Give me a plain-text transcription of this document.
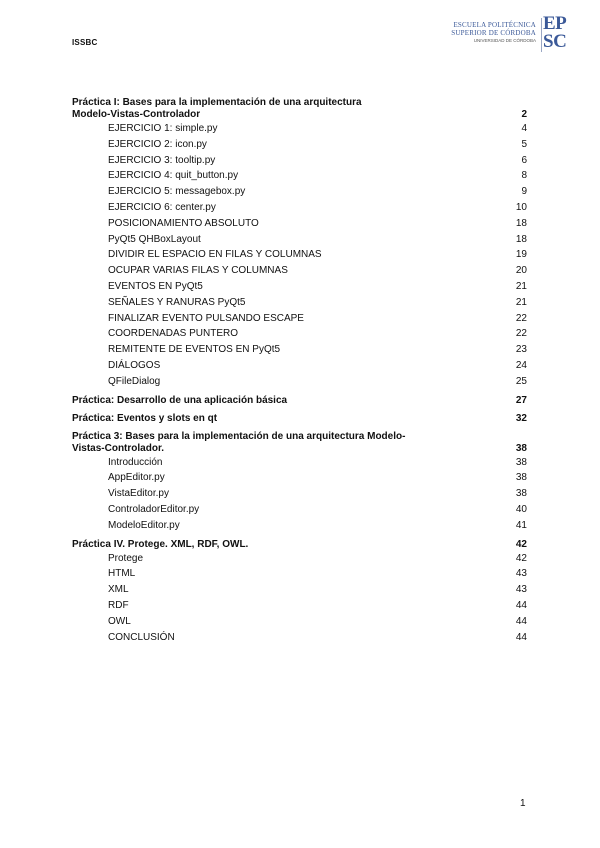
ISSBC
ESCUELA POLITÉCNICA
SUPERIOR DE CÓRDOBA
UNIVERSIDAD DE CÓRDOBA
EP
SC
Práctica I: Bases para la implementación de una arquitectura Modelo-Vistas-Controlador	2
EJERCICIO 1: simple.py	4
EJERCICIO 2: icon.py	5
EJERCICIO 3: tooltip.py	6
EJERCICIO 4: quit_button.py	8
EJERCICIO 5: messagebox.py	9
EJERCICIO 6: center.py	10
POSICIONAMIENTO ABSOLUTO	18
PyQt5 QHBoxLayout	18
DIVIDIR EL ESPACIO EN FILAS Y COLUMNAS	19
OCUPAR VARIAS FILAS Y COLUMNAS	20
EVENTOS EN PyQt5	21
SEÑALES Y RANURAS PyQt5	21
FINALIZAR EVENTO PULSANDO ESCAPE	22
COORDENADAS PUNTERO	22
REMITENTE DE EVENTOS EN PyQt5	23
DIÁLOGOS	24
QFileDialog	25
Práctica: Desarrollo de una aplicación básica	27
Práctica: Eventos y slots en qt	32
Práctica 3: Bases para la implementación de una arquitectura Modelo-Vistas-Controlador.	38
Introducción	38
AppEditor.py	38
VistaEditor.py	38
ControladorEditor.py	40
ModeloEditor.py	41
Práctica IV. Protege. XML, RDF, OWL.	42
Protege	42
HTML	43
XML	43
RDF	44
OWL	44
CONCLUSIÓN	44
1
